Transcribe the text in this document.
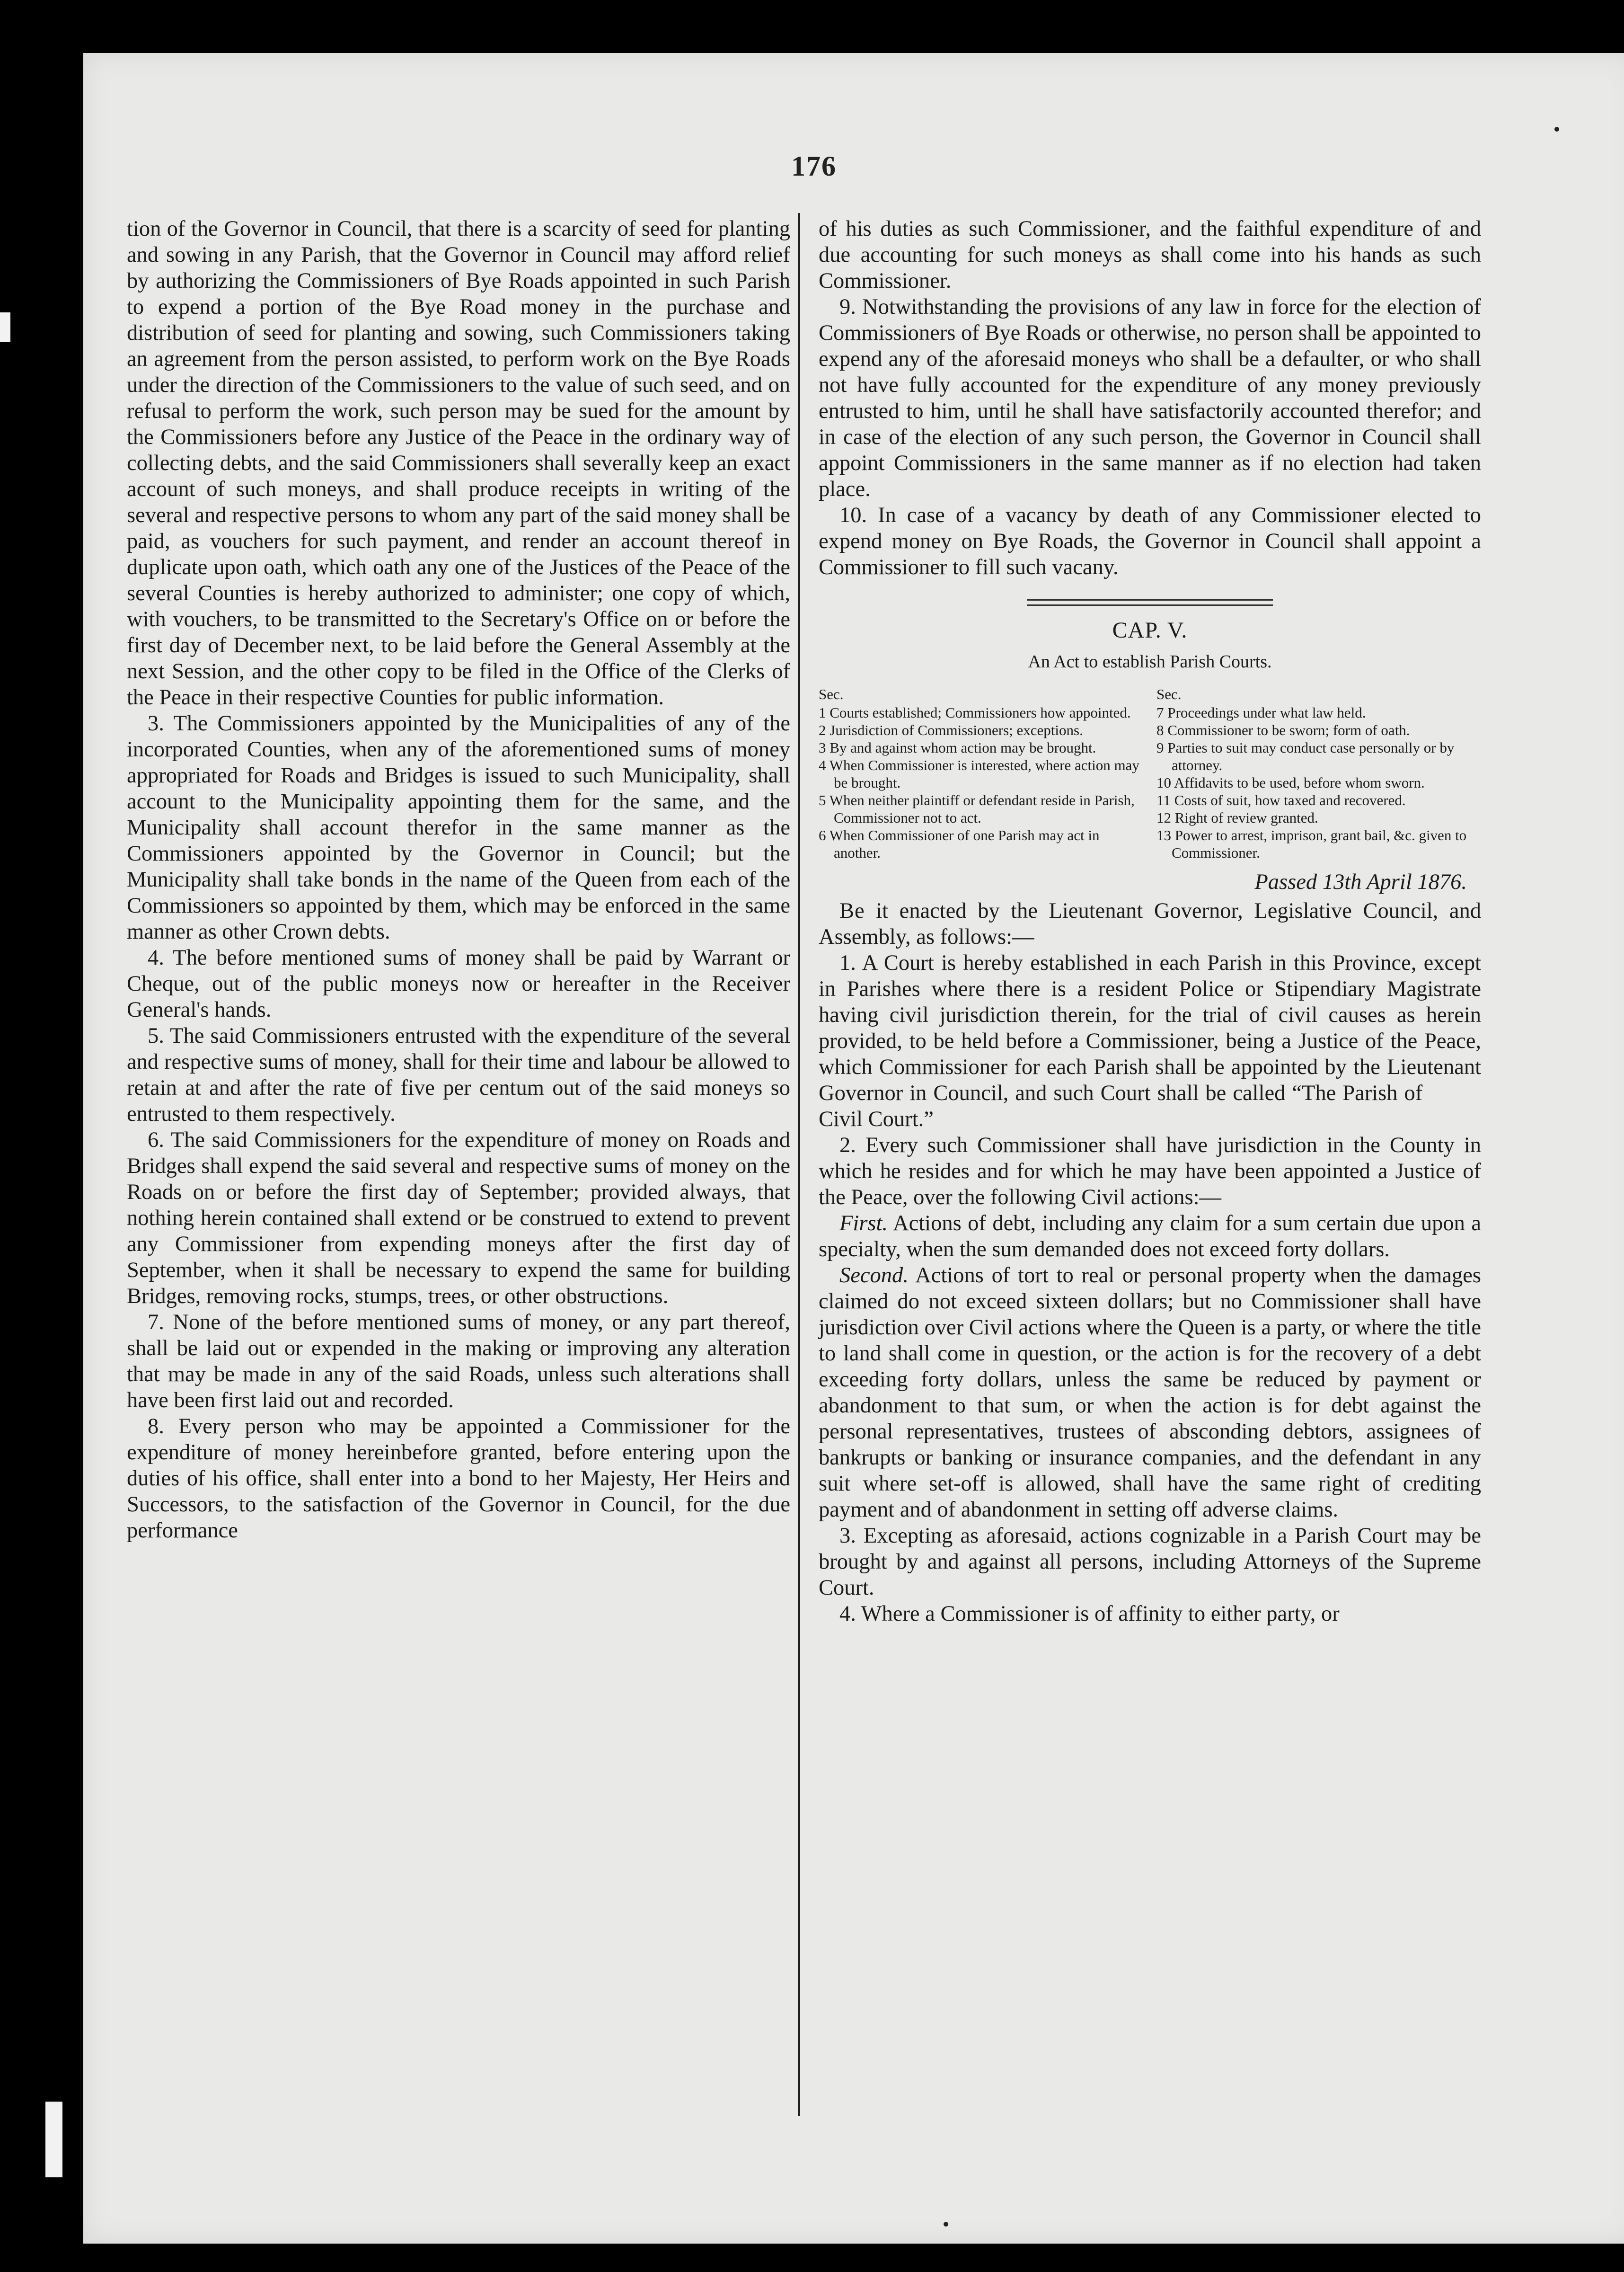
176

tion of the Governor in Council, that there is a scarcity of seed for planting and sowing in any Parish, that the Governor in Council may afford relief by authorizing the Commissioners of Bye Roads appointed in such Parish to expend a portion of the Bye Road money in the purchase and distribution of seed for planting and sowing, such Commissioners taking an agreement from the person assisted, to perform work on the Bye Roads under the direction of the Commissioners to the value of such seed, and on refusal to perform the work, such person may be sued for the amount by the Commissioners before any Justice of the Peace in the ordinary way of collecting debts, and the said Commissioners shall severally keep an exact account of such moneys, and shall produce receipts in writing of the several and respective persons to whom any part of the said money shall be paid, as vouchers for such payment, and render an account thereof in duplicate upon oath, which oath any one of the Justices of the Peace of the several Counties is hereby authorized to administer; one copy of which, with vouchers, to be transmitted to the Secretary's Office on or before the first day of December next, to be laid before the General Assembly at the next Session, and the other copy to be filed in the Office of the Clerks of the Peace in their respective Counties for public information.

3. The Commissioners appointed by the Municipalities of any of the incorporated Counties, when any of the aforementioned sums of money appropriated for Roads and Bridges is issued to such Municipality, shall account to the Municipality appointing them for the same, and the Municipality shall account therefor in the same manner as the Commissioners appointed by the Governor in Council; but the Municipality shall take bonds in the name of the Queen from each of the Commissioners so appointed by them, which may be enforced in the same manner as other Crown debts.

4. The before mentioned sums of money shall be paid by Warrant or Cheque, out of the public moneys now or hereafter in the Receiver General's hands.

5. The said Commissioners entrusted with the expenditure of the several and respective sums of money, shall for their time and labour be allowed to retain at and after the rate of five per centum out of the said moneys so entrusted to them respectively.

6. The said Commissioners for the expenditure of money on Roads and Bridges shall expend the said several and respective sums of money on the Roads on or before the first day of September; provided always, that nothing herein contained shall extend or be construed to extend to prevent any Commissioner from expending moneys after the first day of September, when it shall be necessary to expend the same for building Bridges, removing rocks, stumps, trees, or other obstructions.

7. None of the before mentioned sums of money, or any part thereof, shall be laid out or expended in the making or improving any alteration that may be made in any of the said Roads, unless such alterations shall have been first laid out and recorded.

8. Every person who may be appointed a Commissioner for the expenditure of money hereinbefore granted, before entering upon the duties of his office, shall enter into a bond to her Majesty, Her Heirs and Successors, to the satisfaction of the Governor in Council, for the due performance

of his duties as such Commissioner, and the faithful expenditure of and due accounting for such moneys as shall come into his hands as such Commissioner.

9. Notwithstanding the provisions of any law in force for the election of Commissioners of Bye Roads or otherwise, no person shall be appointed to expend any of the aforesaid moneys who shall be a defaulter, or who shall not have fully accounted for the expenditure of any money previously entrusted to him, until he shall have satisfactorily accounted therefor; and in case of the election of any such person, the Governor in Council shall appoint Commissioners in the same manner as if no election had taken place.

10. In case of a vacancy by death of any Commissioner elected to expend money on Bye Roads, the Governor in Council shall appoint a Commissioner to fill such vacany.

CAP. V.
An Act to establish Parish Courts.
Sec.
1 Courts established; Commissioners how appointed.
2 Jurisdiction of Commissioners; exceptions.
3 By and against whom action may be brought.
4 When Commissioner is interested, where action may be brought.
5 When neither plaintiff or defendant reside in Parish, Commissioner not to act.
6 When Commissioner of one Parish may act in another.
Sec.
7 Proceedings under what law held.
8 Commissioner to be sworn; form of oath.
9 Parties to suit may conduct case personally or by attorney.
10 Affidavits to be used, before whom sworn.
11 Costs of suit, how taxed and recovered.
12 Right of review granted.
13 Power to arrest, imprison, grant bail, &c. given to Commissioner.
Passed 13th April 1876.

Be it enacted by the Lieutenant Governor, Legislative Council, and Assembly, as follows:—

1. A Court is hereby established in each Parish in this Province, except in Parishes where there is a resident Police or Stipendiary Magistrate having civil jurisdiction therein, for the trial of civil causes as herein provided, to be held before a Commissioner, being a Justice of the Peace, which Commissioner for each Parish shall be appointed by the Lieutenant Governor in Council, and such Court shall be called “The Parish of          Civil Court.”

2. Every such Commissioner shall have jurisdiction in the County in which he resides and for which he may have been appointed a Justice of the Peace, over the following Civil actions:—

First. Actions of debt, including any claim for a sum certain due upon a specialty, when the sum demanded does not exceed forty dollars.

Second. Actions of tort to real or personal property when the damages claimed do not exceed sixteen dollars; but no Commissioner shall have jurisdiction over Civil actions where the Queen is a party, or where the title to land shall come in question, or the action is for the recovery of a debt exceeding forty dollars, unless the same be reduced by payment or abandonment to that sum, or when the action is for debt against the personal representatives, trustees of absconding debtors, assignees of bankrupts or banking or insurance companies, and the defendant in any suit where set-off is allowed, shall have the same right of crediting payment and of abandonment in setting off adverse claims.

3. Excepting as aforesaid, actions cognizable in a Parish Court may be brought by and against all persons, including Attorneys of the Supreme Court.

4. Where a Commissioner is of affinity to either party, or
